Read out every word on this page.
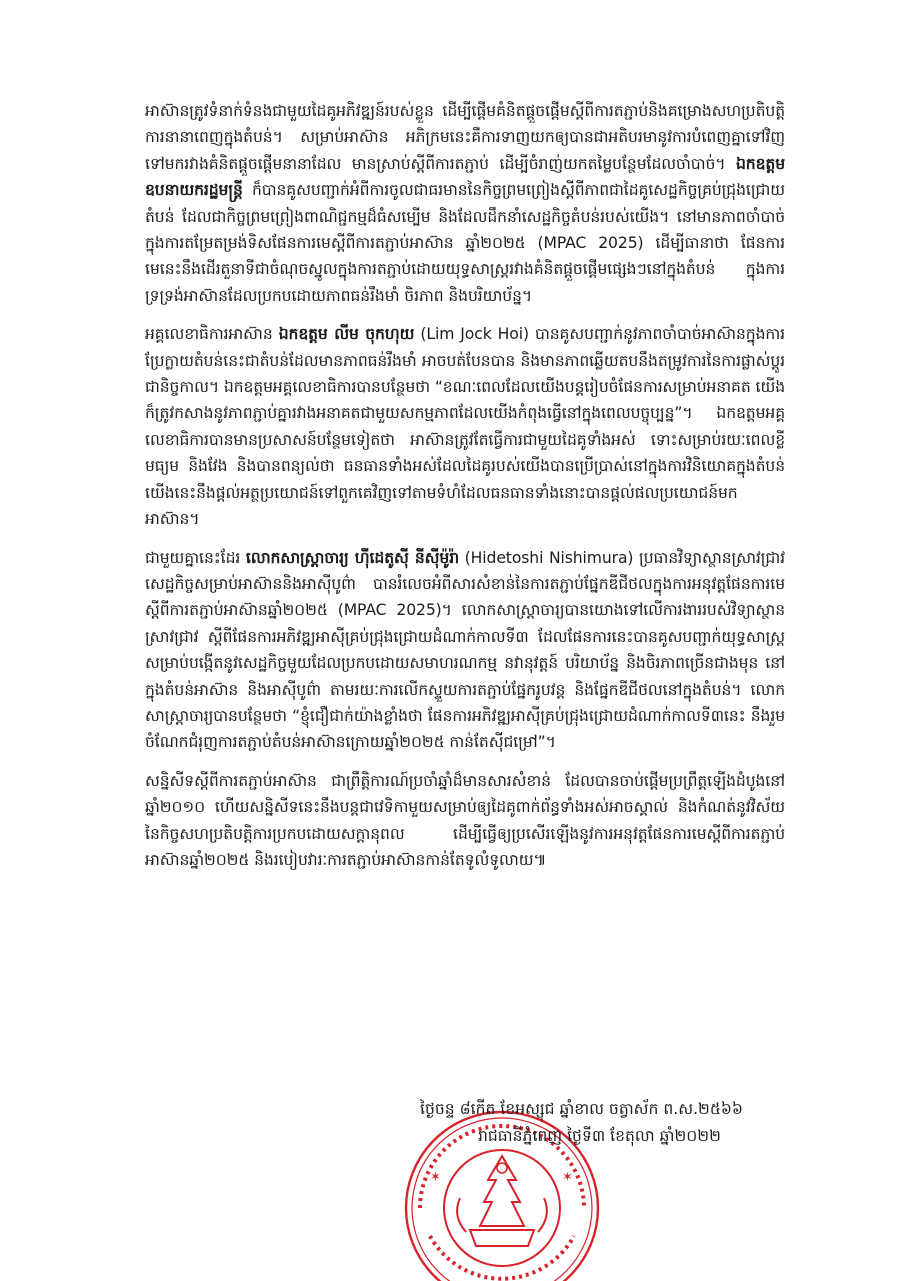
អាស៊ានត្រូវទំនាក់ទំនងជាមួយដៃគូអភិវឌ្ឍន៍របស់ខ្លួន ដើម្បីផ្តើមគំនិតផ្តួចផ្តើមស្តីពីការតភ្ជាប់និងគម្រោងសហប្រតិបត្តិការនានាពេញក្នុងតំបន់។ សម្រាប់អាស៊ាន អភិក្រមនេះគឺការទាញយកឲ្យបានជាអតិបរមានូវការបំពេញគ្នាទៅវិញទៅមករវាងគំនិតផ្តួចផ្តើមនានាដែល មានស្រាប់ស្តីពីការតភ្ជាប់ ដើម្បីចំរាញ់យកតម្លៃបន្ថែមដែលចាំបាច់។ ឯកឧត្តមឧបនាយករដ្ឋមន្ត្រី ក៏បានគូសបញ្ជាក់អំពីការចូលជាធរមាននៃកិច្ចព្រមព្រៀងស្តីពីភាពជាដៃគូសេដ្ឋកិច្ចគ្រប់ជ្រុងជ្រោយតំបន់ ដែលជាកិច្ចព្រមព្រៀងពាណិជ្ជកម្មដ៏ធំសម្បើម និងដែលដឹកនាំសេដ្ឋកិច្ចតំបន់របស់យើង។ នៅមានភាពចាំបាច់ក្នុងការតម្រែតម្រង់ទិសផែនការមេស្តីពីការតភ្ជាប់អាស៊ាន ឆ្នាំ២០២៥ (MPAC 2025) ដើម្បីធានាថា ផែនការមេនេះនឹងដើរតួនាទីជាចំណុចស្នូលក្នុងការតភ្ជាប់ដោយយុទ្ធសាស្ត្ររវាងគំនិតផ្តួចផ្តើមផ្សេងៗនៅក្នុងតំបន់ ក្នុងការទ្រទ្រង់អាស៊ានដែលប្រកបដោយភាពធន់រឹងមាំ ចិរភាព និងបរិយាប័ន្ន។

អគ្គលេខាធិការអាស៊ាន ឯកឧត្តម លីម ចុកហុយ (Lim Jock Hoi) បានគូសបញ្ជាក់នូវភាពចាំបាច់អាស៊ានក្នុងការប្រែក្លាយតំបន់នេះជាតំបន់ដែលមានភាពធន់រឹងមាំ អាចបត់បែនបាន និងមានភាពឆ្លើយតបនឹងតម្រូវការនៃការផ្លាស់ប្តូរជានិច្ចកាល។ ឯកឧត្តមអគ្គលេខាធិការបានបន្ថែមថា “ខណៈពេលដែលយើងបន្តរៀបចំផែនការសម្រាប់អនាគត យើងក៏ត្រូវកសាងនូវភាពភ្ជាប់គ្នារវាងអនាគតជាមួយសកម្មភាពដែលយើងកំពុងធ្វើនៅក្នុងពេលបច្ចុប្បន្ន”។ ឯកឧត្តមអគ្គលេខាធិការបានមានប្រសាសន៍បន្ថែមទៀតថា អាស៊ានត្រូវតែធ្វើការជាមួយដៃគូទាំងអស់ ទោះសម្រាប់រយៈពេលខ្លី មធ្យម និងវែង និងបានពន្យល់ថា ធនធានទាំងអស់ដែលដៃគូរបស់យើងបានប្រើប្រាស់នៅក្នុងការវិនិយោគក្នុងតំបន់យើងនេះនឹងផ្តល់អត្ថប្រយោជន៍ទៅពួកគេវិញទៅតាមទំហំដែលធនធានទាំងនោះបានផ្តល់ផលប្រយោជន៍មកអាស៊ាន។

ជាមួយគ្នានេះដែរ លោកសាស្ត្រាចារ្យ ហ៊ីដេតូស៊ី នីស៊ីម៉ូរ៉ា (Hidetoshi Nishimura) ប្រធានវិទ្យាស្ថានស្រាវជ្រាវសេដ្ឋកិច្ចសម្រាប់អាស៊ាននិងអាស៊ីបូព៌ា បានរំលេចអំពីសារសំខាន់នៃការតភ្ជាប់ផ្នែកឌីជីថលក្នុងការអនុវត្តផែនការមេស្តីពីការតភ្ជាប់អាស៊ានឆ្នាំ២០២៥ (MPAC 2025)។ លោកសាស្ត្រាចារ្យបានយោងទៅលើការងាររបស់វិទ្យាស្ថានស្រាវជ្រាវ ស្តីពីផែនការអភិវឌ្ឍអាស៊ីគ្រប់ជ្រុងជ្រោយដំណាក់កាលទី៣ ដែលផែនការនេះបានគូសបញ្ជាក់យុទ្ធសាស្ត្រ សម្រាប់បង្កើតនូវសេដ្ឋកិច្ចមួយដែលប្រកបដោយសមាហរណកម្ម នវានុវត្តន៍ បរិយាប័ន្ន និងចិរភាពច្រើនជាងមុន នៅក្នុងតំបន់អាស៊ាន និងអាស៊ីបូព៌ា តាមរយៈការលើកស្ទួយការតភ្ជាប់ផ្នែករូបវន្ត និងផ្នែកឌីជីថលនៅក្នុងតំបន់។ លោកសាស្ត្រាចារ្យបានបន្ថែមថា “ខ្ញុំជឿជាក់យ៉ាងខ្លាំងថា ផែនការអភិវឌ្ឍអាស៊ីគ្រប់ជ្រុងជ្រោយដំណាក់កាលទី៣នេះ នឹងរួមចំណែកជំរុញការតភ្ជាប់តំបន់អាស៊ានក្រោយឆ្នាំ២០២៥ កាន់តែស៊ីជម្រៅ”។

សន្និសីទស្តីពីការតភ្ជាប់អាស៊ាន ជាព្រឹត្តិការណ៍ប្រចាំឆ្នាំដ៏មានសារសំខាន់ ដែលបានចាប់ផ្តើមប្រព្រឹត្តឡើងដំបូងនៅឆ្នាំ២០១០ ហើយសន្និសីទនេះនឹងបន្តជាវេទិកាមួយសម្រាប់ឲ្យដៃគូពាក់ព័ន្ធទាំងអស់អាចស្គាល់ និងកំណត់នូវវិស័យនៃកិច្ចសហប្រតិបត្តិការប្រកបដោយសក្តានុពល ដើម្បីធ្វើឲ្យប្រសើរឡើងនូវការអនុវត្តផែនការមេស្តីពីការតភ្ជាប់អាស៊ានឆ្នាំ២០២៥ និងរបៀបវារៈការតភ្ជាប់អាស៊ានកាន់តែទូលំទូលាយ៕

✶	✶
ថ្ងៃចន្ទ ៨កើត ខែអស្សុជ ឆ្នាំខាល ចត្វាស័ក ព.ស.២៥៦៦
រាជធានីភ្នំពេញ ថ្ងៃទី៣ ខែតុលា ឆ្នាំ២០២២
